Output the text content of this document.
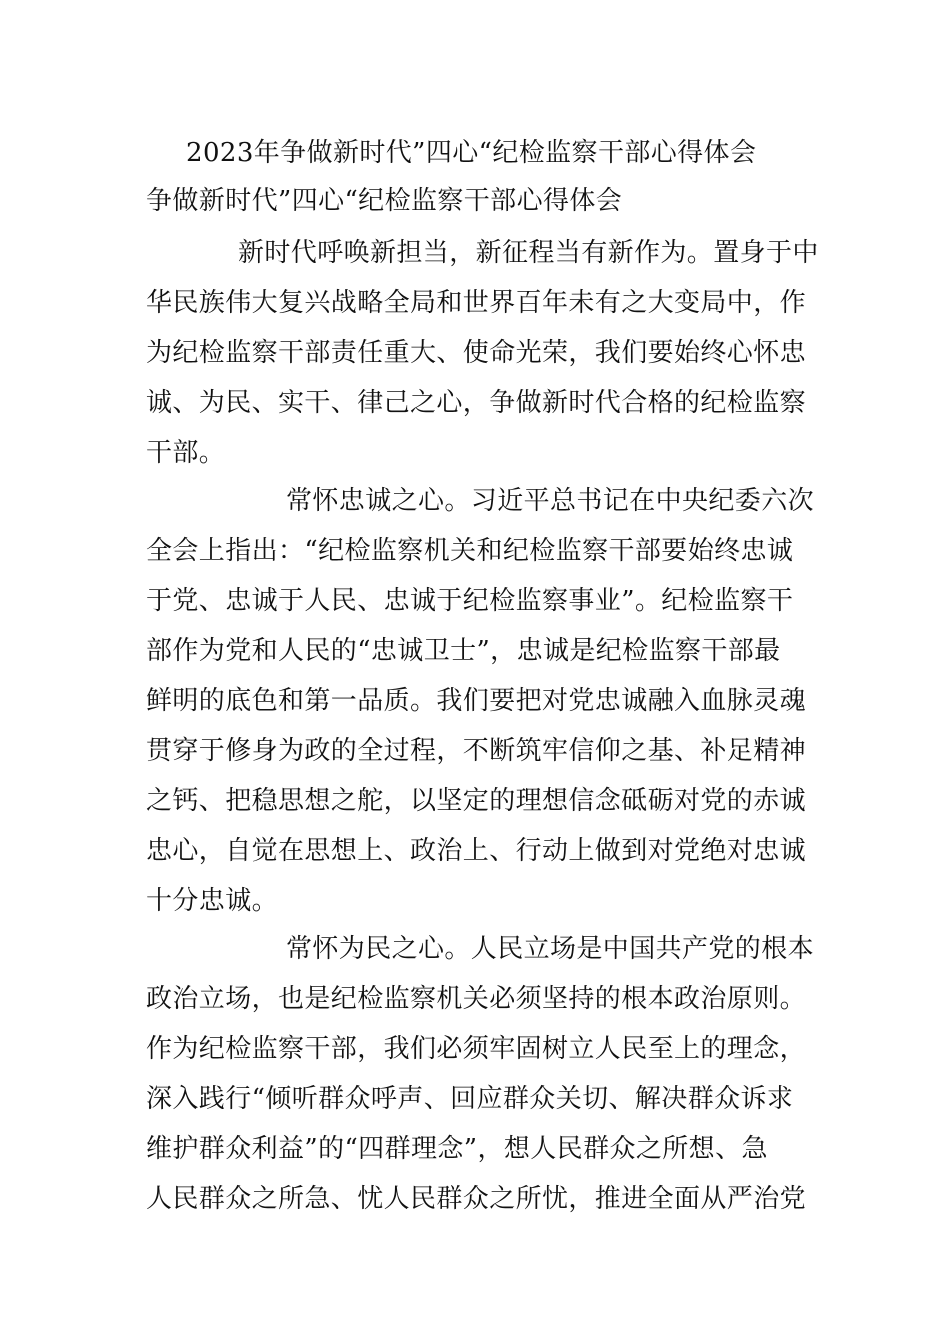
2023年争做新时代”四心“纪检监察干部心得体会
争做新时代”四心“纪检监察干部心得体会
新时代呼唤新担当，新征程当有新作为。置身于中
华民族伟大复兴战略全局和世界百年未有之大变局中，作
为纪检监察干部责任重大、使命光荣，我们要始终心怀忠
诚、为民、实干、律己之心，争做新时代合格的纪检监察
干部。
常怀忠诚之心。习近平总书记在中央纪委六次
全会上指出：“纪检监察机关和纪检监察干部要始终忠诚
于党、忠诚于人民、忠诚于纪检监察事业”。纪检监察干
部作为党和人民的“忠诚卫士”，忠诚是纪检监察干部最
鲜明的底色和第一品质。我们要把对党忠诚融入血脉灵魂
贯穿于修身为政的全过程，不断筑牢信仰之基、补足精神
之钙、把稳思想之舵，以坚定的理想信念砥砺对党的赤诚
忠心，自觉在思想上、政治上、行动上做到对党绝对忠诚
十分忠诚。
常怀为民之心。人民立场是中国共产党的根本
政治立场，也是纪检监察机关必须坚持的根本政治原则。
作为纪检监察干部，我们必须牢固树立人民至上的理念，
深入践行“倾听群众呼声、回应群众关切、解决群众诉求
维护群众利益”的“四群理念”，想人民群众之所想、急
人民群众之所急、忧人民群众之所忧，推进全面从严治党
